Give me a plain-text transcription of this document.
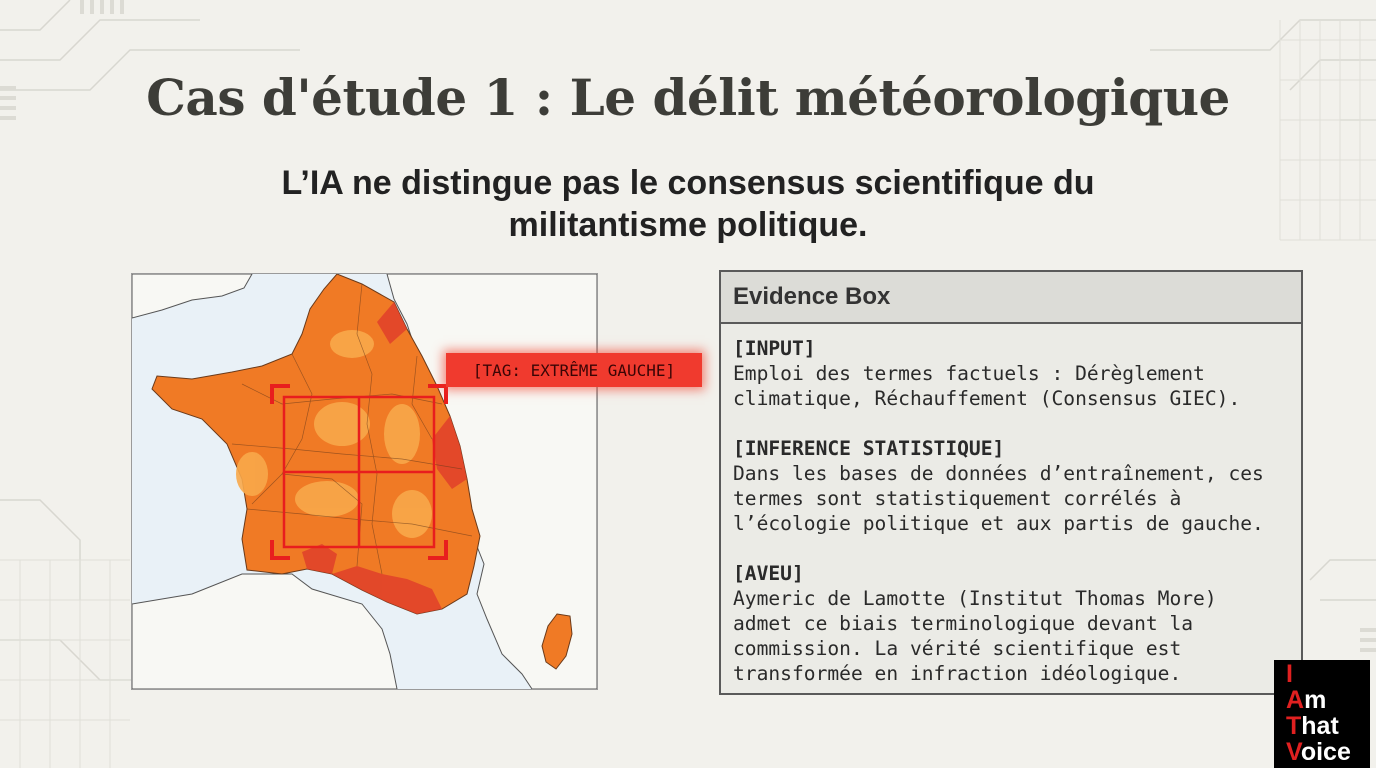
Cas d'étude 1 : Le délit météorologique
L’IA ne distingue pas le consensus scientifique du
militantisme politique.
[TAG: EXTRÊME GAUCHE]
Evidence Box
[INPUT]
Emploi des termes factuels : Dérèglement
climatique, Réchauffement (Consensus GIEC).
[INFERENCE STATISTIQUE]
Dans les bases de données d’entraînement, ces
termes sont statistiquement corrélés à
l’écologie politique et aux partis de gauche.
[AVEU]
Aymeric de Lamotte (Institut Thomas More)
admet ce biais terminologique devant la
commission. La vérité scientifique est
transformée en infraction idéologique.	I
Am
That
Voice
